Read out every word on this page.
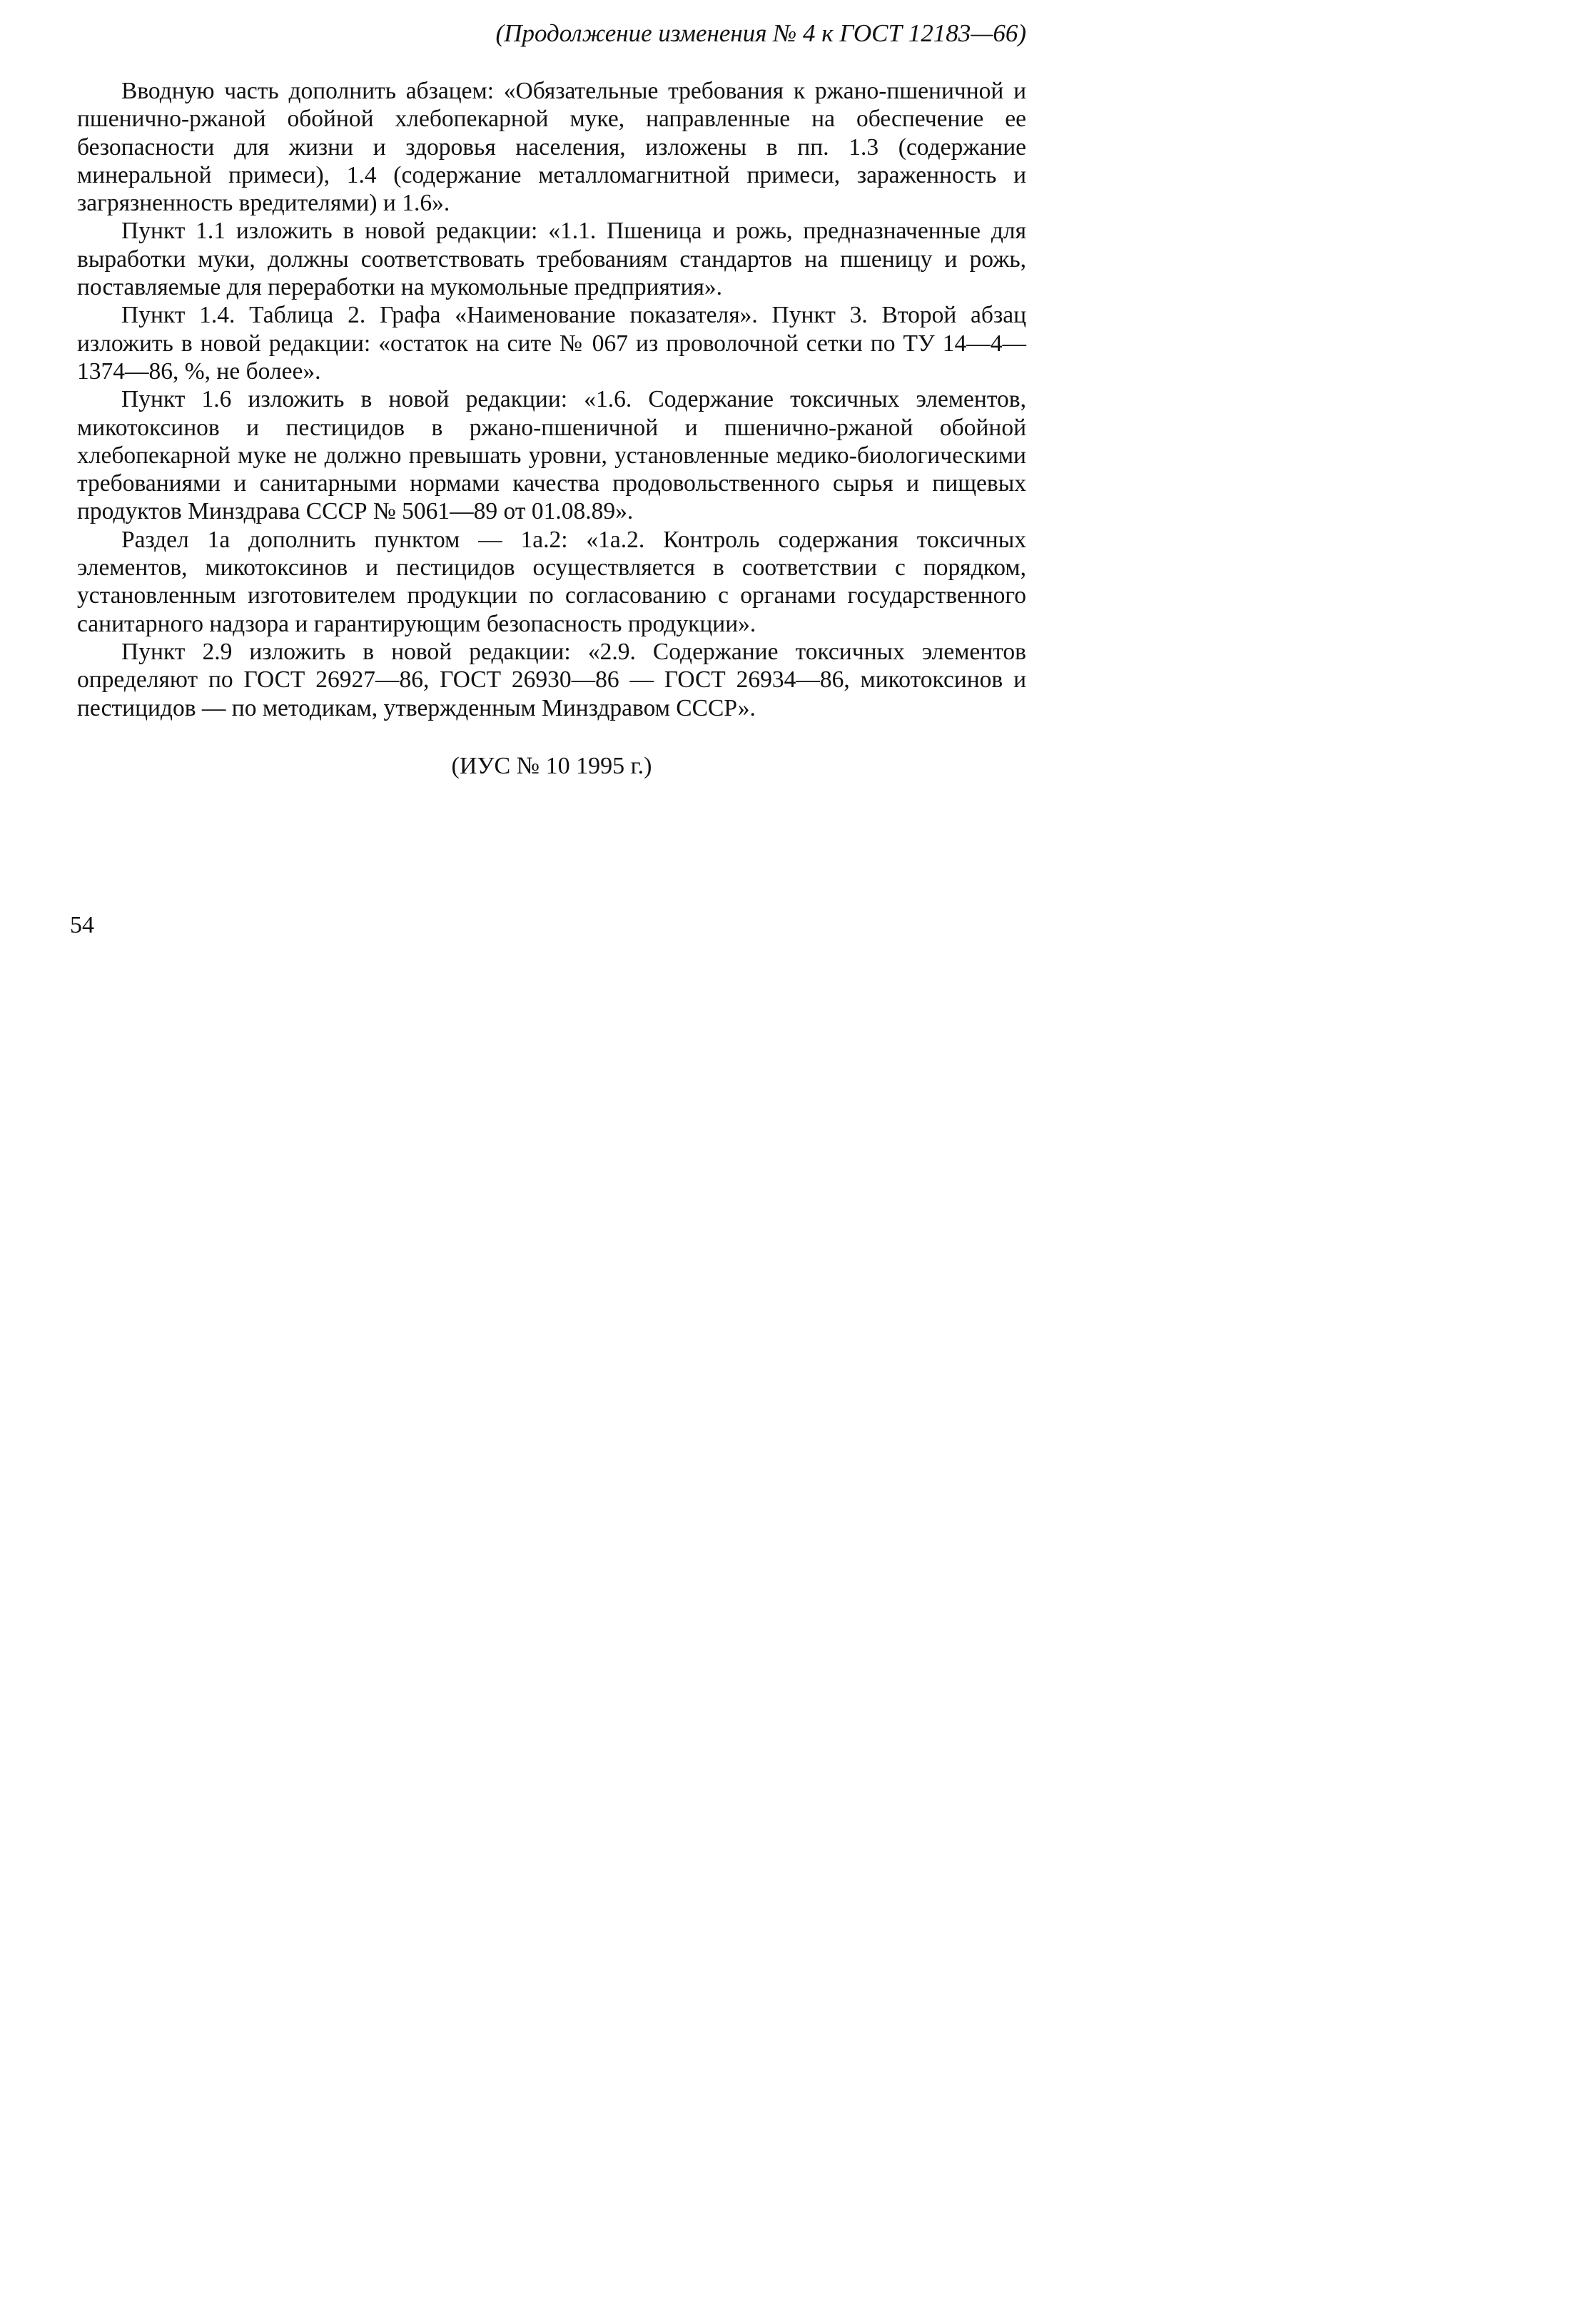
(Продолжение изменения № 4 к ГОСТ 12183—66)

Вводную часть дополнить абзацем: «Обязательные требования к ржано-пшеничной и пшенично-ржаной обойной хлебопекарной муке, направленные на обеспечение ее безопасности для жизни и здоровья населения, изложены в пп. 1.3 (содержание минеральной примеси), 1.4 (содержание металломагнитной примеси, зараженность и загрязненность вредителями) и 1.6».

Пункт 1.1 изложить в новой редакции: «1.1. Пшеница и рожь, предназначенные для выработки муки, должны соответствовать требованиям стандартов на пшеницу и рожь, поставляемые для переработки на мукомольные предприятия».

Пункт 1.4. Таблица 2. Графа «Наименование показателя». Пункт 3. Второй абзац изложить в новой редакции: «остаток на сите № 067 из проволочной сетки по ТУ 14—4—1374—86, %, не более».

Пункт 1.6 изложить в новой редакции: «1.6. Содержание токсичных элементов, микотоксинов и пестицидов в ржано-пшеничной и пшенично-ржаной обойной хлебопекарной муке не должно превышать уровни, установленные медико-биологическими требованиями и санитарными нормами качества продовольственного сырья и пищевых продуктов Минздрава СССР № 5061—89 от 01.08.89».

Раздел 1а дополнить пунктом — 1а.2: «1а.2. Контроль содержания токсичных элементов, микотоксинов и пестицидов осуществляется в соответствии с порядком, установленным изготовителем продукции по согласованию с органами государственного санитарного надзора и гарантирующим безопасность продукции».

Пункт 2.9 изложить в новой редакции: «2.9. Содержание токсичных элементов определяют по ГОСТ 26927—86, ГОСТ 26930—86 — ГОСТ 26934—86, микотоксинов и пестицидов — по методикам, утвержденным Минздравом СССР».

(ИУС № 10 1995 г.)
54
